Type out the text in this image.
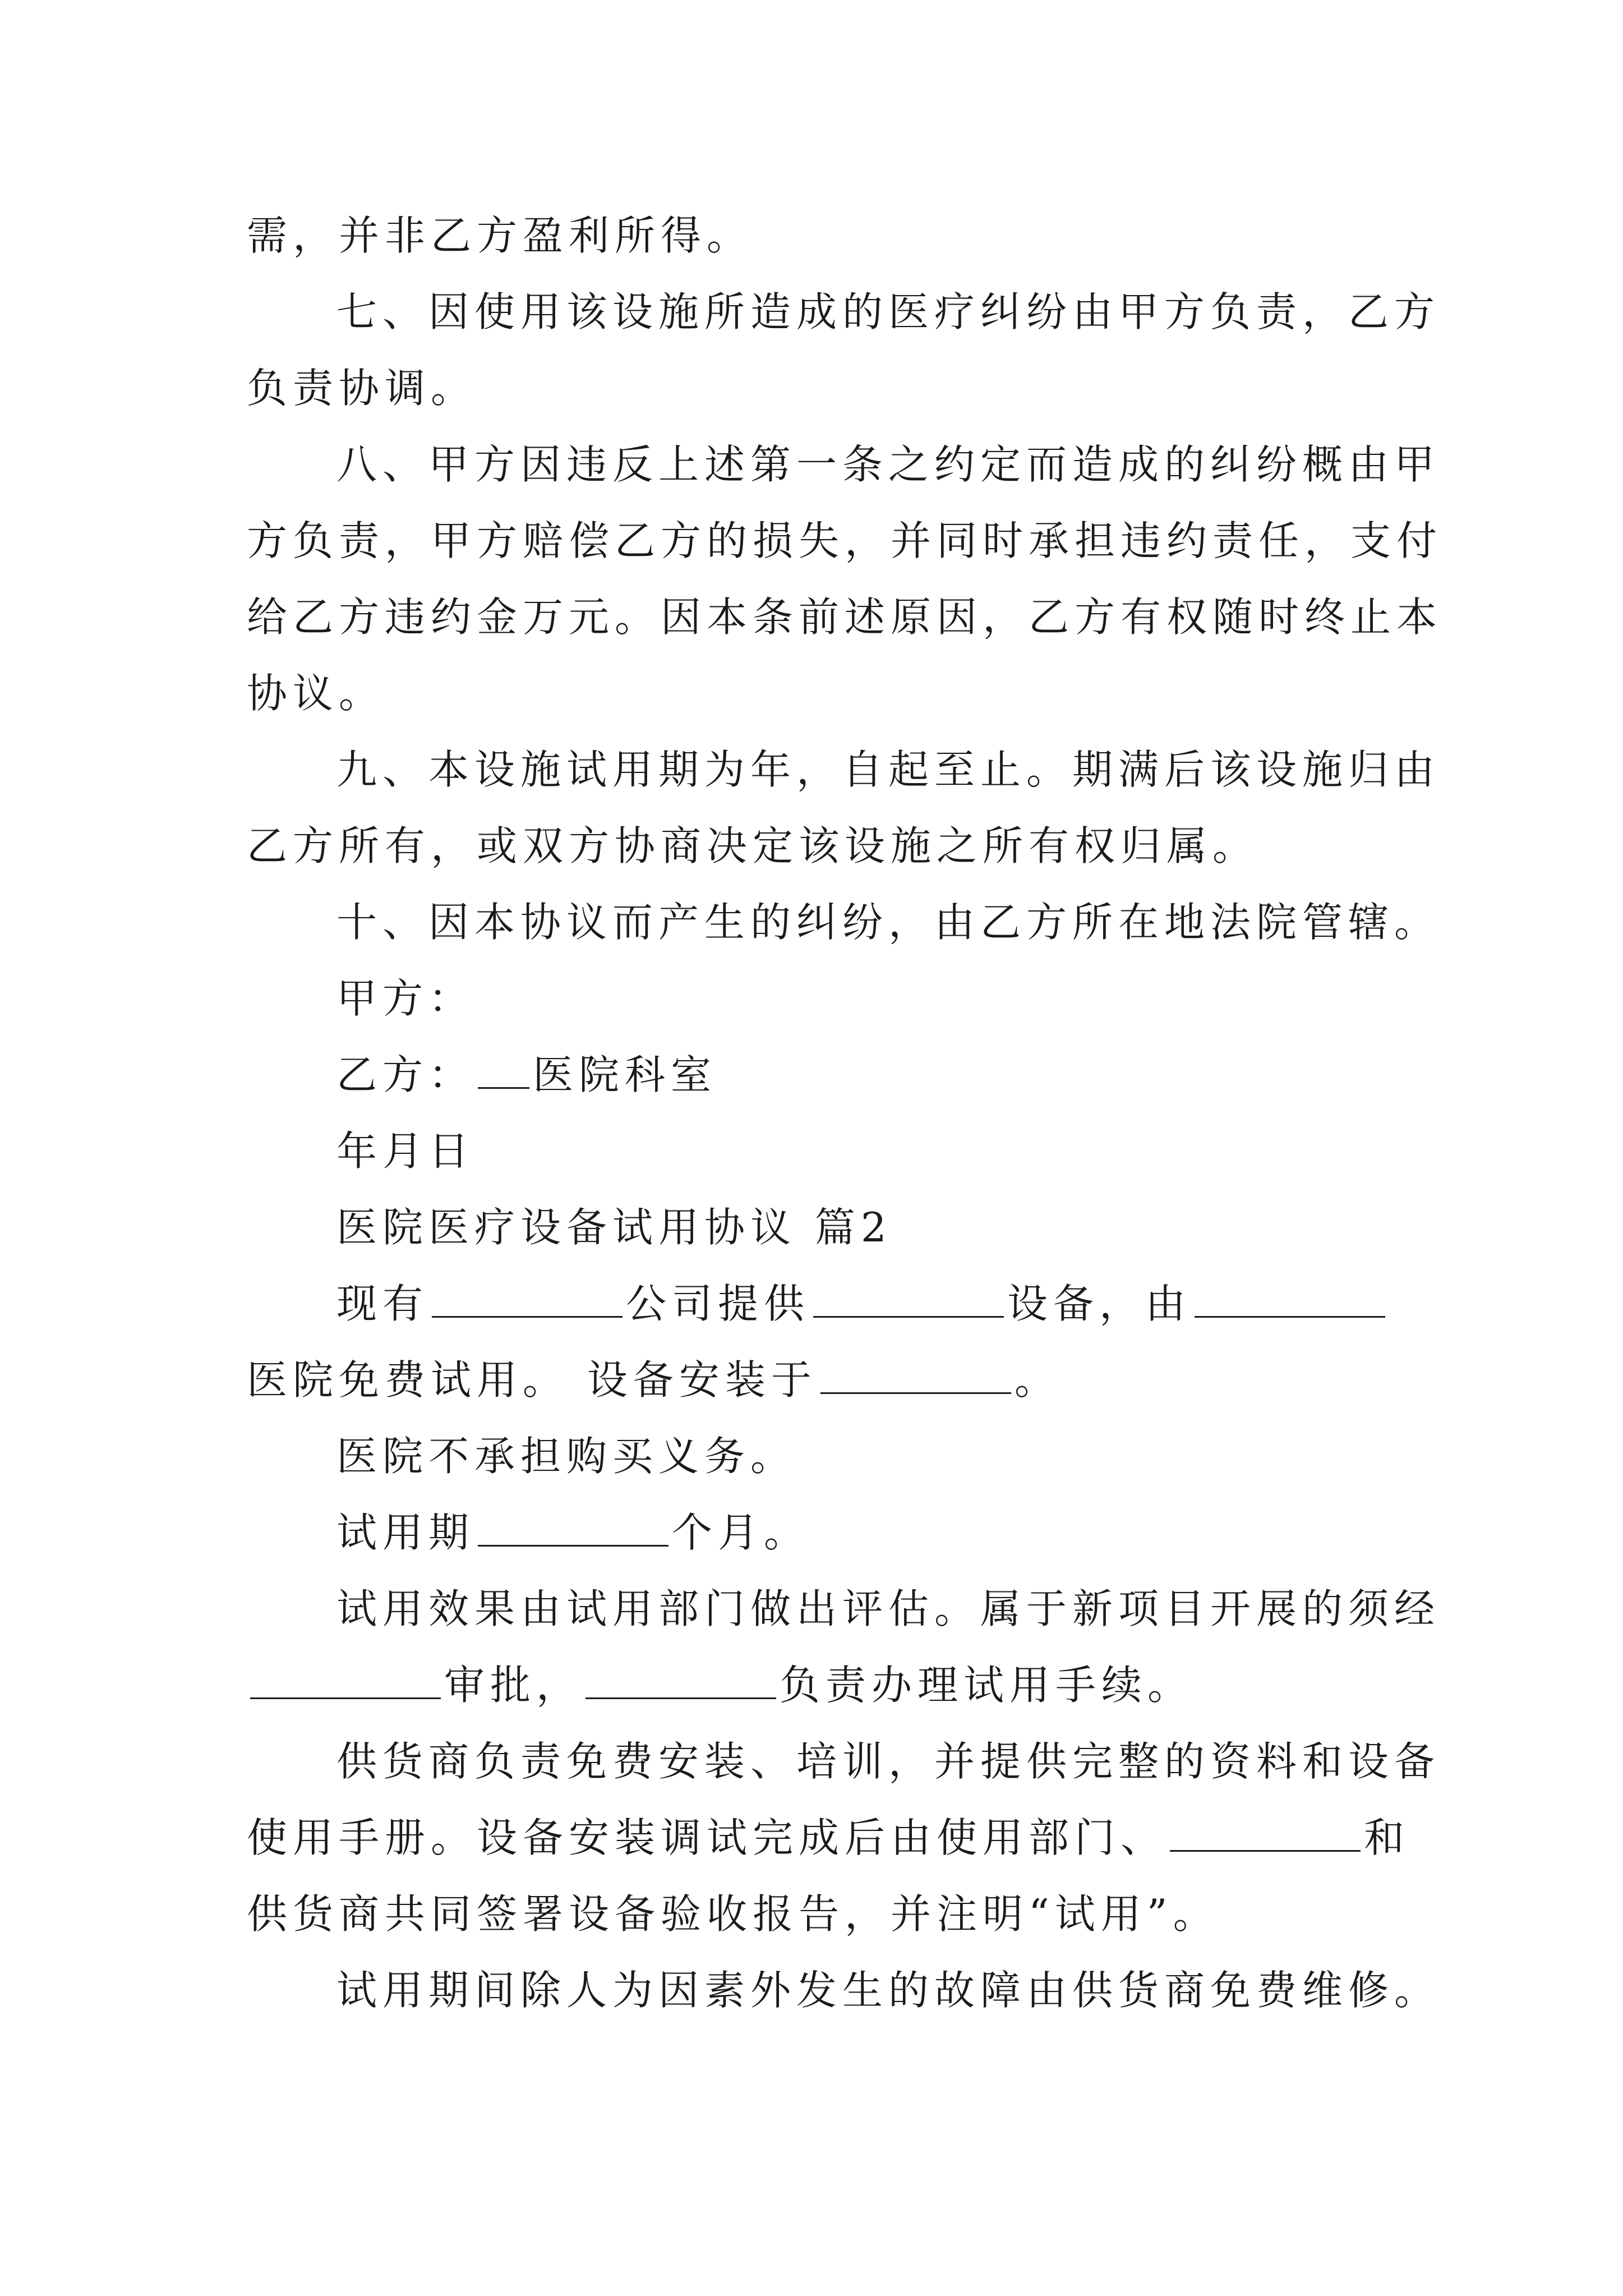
需，并非乙方盈利所得。
七、因使用该设施所造成的医疗纠纷由甲方负责，乙方
负责协调。
八、甲方因违反上述第一条之约定而造成的纠纷概由甲
方负责，甲方赔偿乙方的损失，并同时承担违约责任，支付
给乙方违约金万元。因本条前述原因，乙方有权随时终止本
协议。
九、本设施试用期为年，自起至止。期满后该设施归由
乙方所有，或双方协商决定该设施之所有权归属。
十、因本协议而产生的纠纷，由乙方所在地法院管辖。
甲方：
乙方： 医院科室
年月日
医院医疗设备试用协议 篇2
现有	公司提供	设备，由
医院免费试用。 设备安装于	。
医院不承担购买义务。
试用期	个月。
试用效果由试用部门做出评估。属于新项目开展的须经
审批，	负责办理试用手续。
供货商负责免费安装、培训，并提供完整的资料和设备
使用手册。设备安装调试完成后由使用部门、	和
供货商共同签署设备验收报告，并注明“试用”。
试用期间除人为因素外发生的故障由供货商免费维修。
